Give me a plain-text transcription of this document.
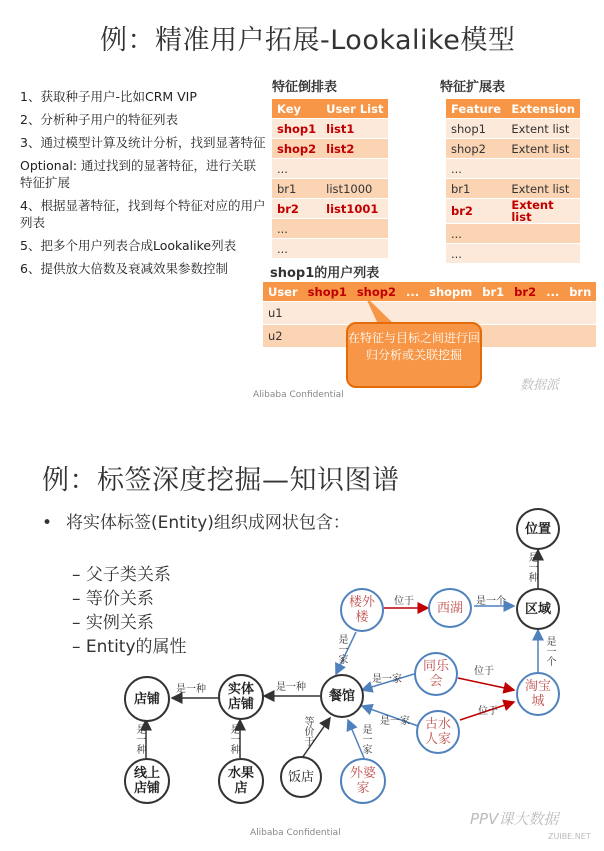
例：精准用户拓展-Lookalike模型
1、获取种子用户-比如CRM VIP
2、分析种子用户的特征列表
3、通过模型计算及统计分析，找到显著特征
Optional: 通过找到的显著特征，进行关联特征扩展
4、根据显著特征，找到每个特征对应的用户列表
5、把多个用户列表合成Lookalike列表
6、提供放大倍数及衰减效果参数控制
特征倒排表
Key	User List
shop1	list1
shop2	list2
...	
br1	list1000
br2	list1001
...	
...	
特征扩展表
Feature	Extension
shop1	Extent list
shop2	Extent list
...	
br1	Extent list
br2	Extent list
...	
...	
shop1的用户列表
User	shop1	shop2	...	shopm	br1	br2	...	brn
u1								
u2									在特征与目标之间进行回归分析或关联挖掘
Alibaba Confidential
数据派
例：标签深度挖掘—知识图谱
• 将实体标签(Entity)组织成网状包含：
– 父子类关系
– 等价关系
– 实例关系
– Entity的属性
店铺
实体店铺
餐馆
线上店铺
水果店
饭店
楼外楼
西湖	区域
位置
同乐会
古水人家
外婆家
淘宝城
是一种	是一种
是一种	是一种
是一种
是一个
是一个
位于
位于
位于
是一家
是一家
是一家
是一家
等价于
Alibaba Confidential
PPV课大数据
ZUIBE.NET
